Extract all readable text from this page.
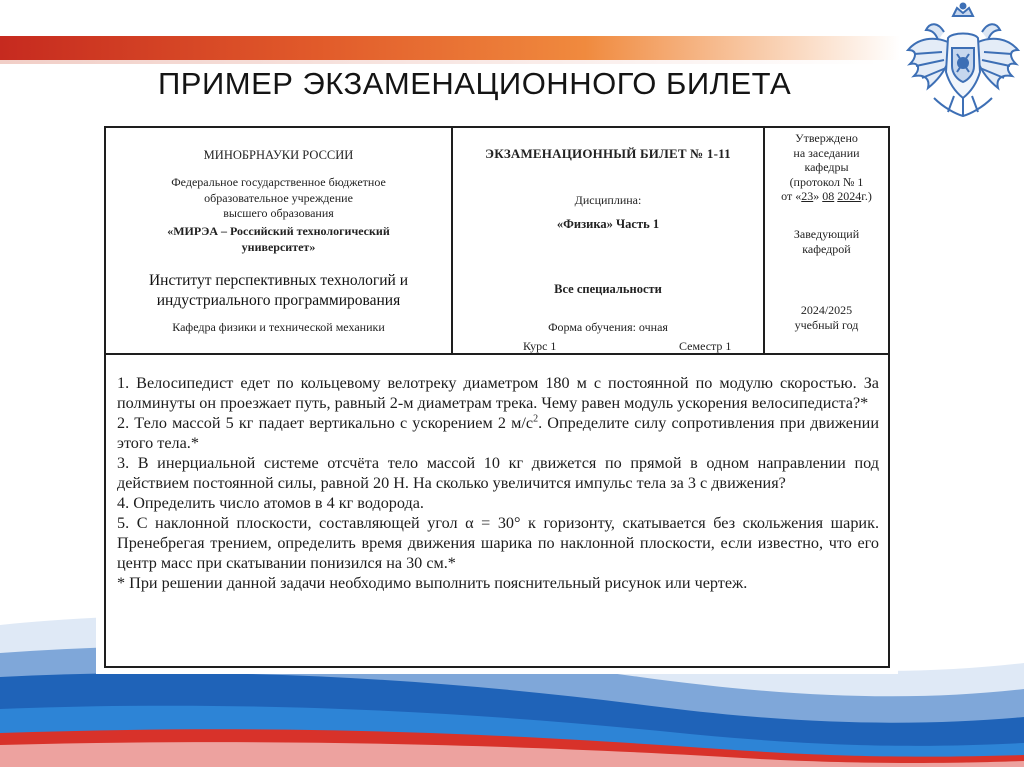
ПРИМЕР ЭКЗАМЕНАЦИОННОГО БИЛЕТА
МИНОБРНАУКИ РОССИИ
Федеральное государственное бюджетное
образовательное учреждение
высшего образования
«МИРЭА – Российский технологический
университет»
Институт перспективных технологий и
индустриального программирования
Кафедра физики и технической механики
ЭКЗАМЕНАЦИОННЫЙ БИЛЕТ № 1-11
Дисциплина:
«Физика» Часть 1
Все специальности
Форма обучения: очная
Курс 1	Семестр 1
Утверждено
на заседании
кафедры
(протокол № 1
от «23» 08 2024г.)
Заведующий
кафедрой
2024/2025
учебный год

1. Велосипедист едет по кольцевому велотреку диаметром 180 м с постоянной по модулю скоростью. За полминуты он проезжает путь, равный 2-м диаметрам трека. Чему равен модуль ускорения велосипедиста?*

2. Тело массой 5 кг падает вертикально с ускорением 2 $м/с^2$. Определите силу сопротивления при движении этого тела.*

3. В инерциальной системе отсчёта тело массой 10 кг движется по прямой в одном направлении под действием постоянной силы, равной 20 Н. На сколько увеличится импульс тела за 3 с движения?

4. Определить число атомов в 4 кг водорода.

5. С наклонной плоскости, составляющей угол α = 30° к горизонту, скатывается без скольжения шарик. Пренебрегая трением, определить время движения шарика по наклонной плоскости, если известно, что его центр масс при скатывании понизился на 30 см.*

* При решении данной задачи необходимо выполнить пояснительный рисунок или чертеж.
